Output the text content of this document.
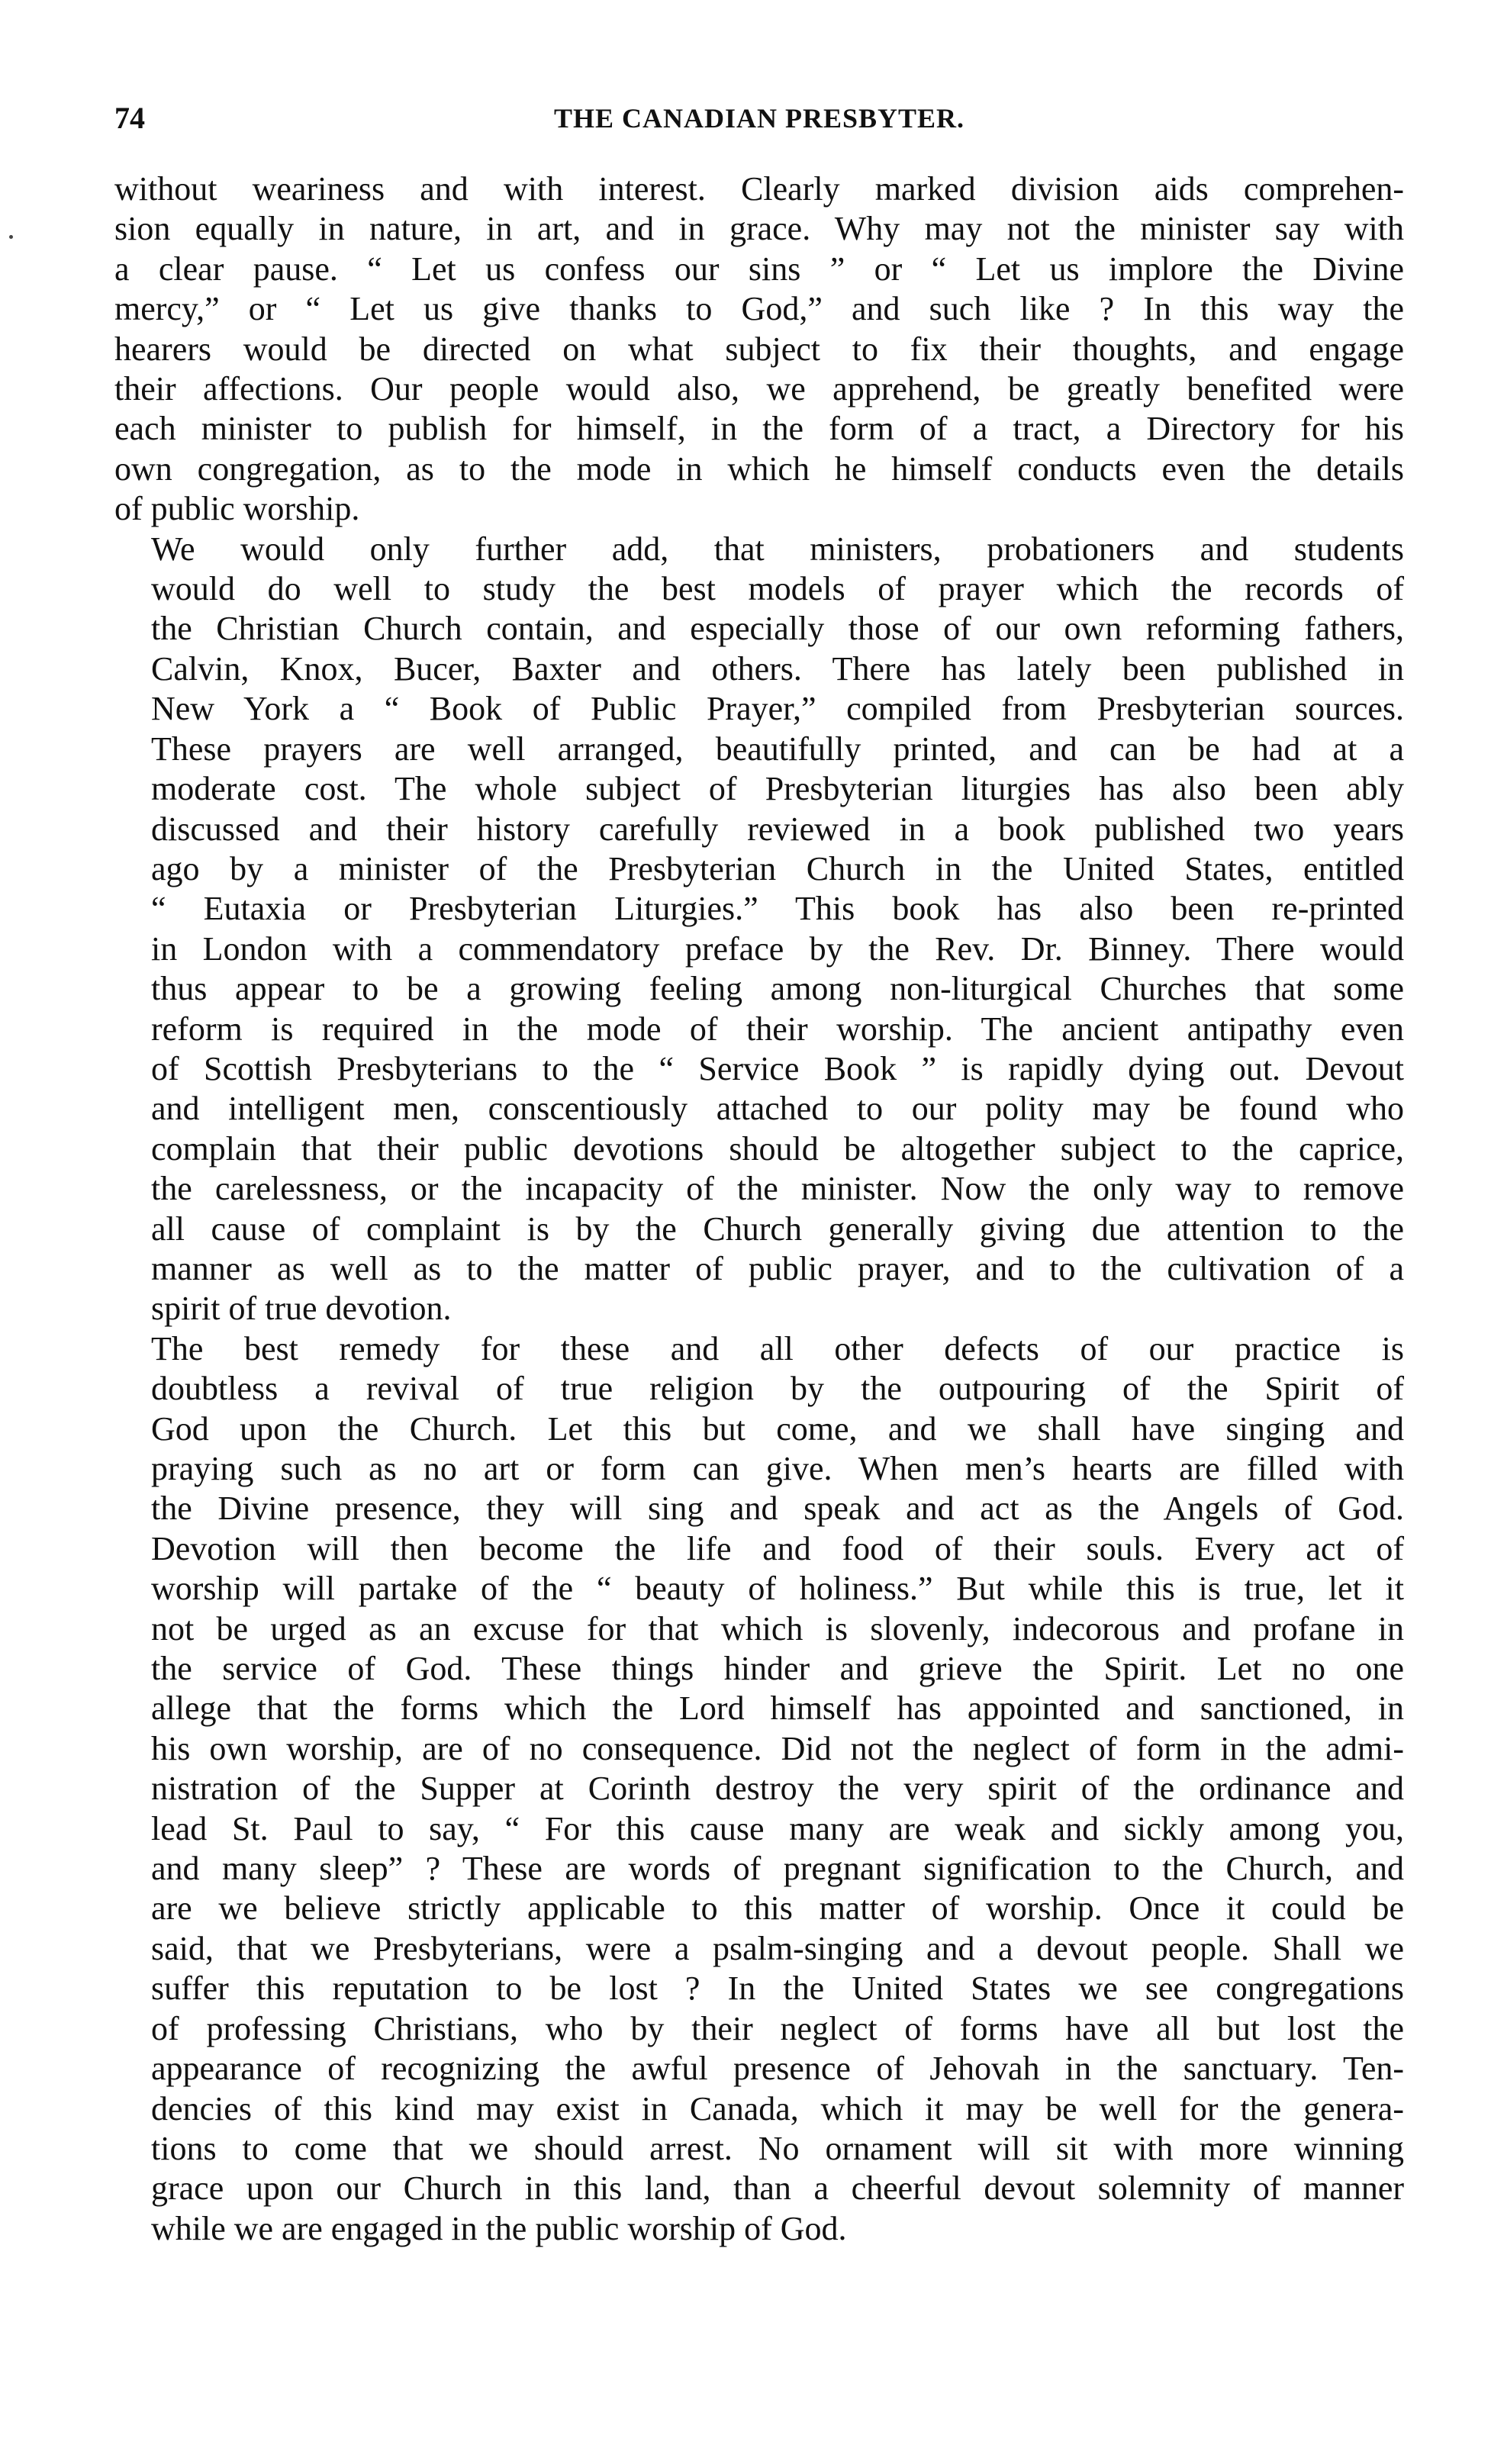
74	THE CANADIAN PRESBYTER.

without weariness and with interest. Clearly marked division aids comprehen-
sion equally in nature, in art, and in grace. Why may not the minister say with
a clear pause. “ Let us confess our sins ” or “ Let us implore the Divine
mercy,” or “ Let us give thanks to God,” and such like ? In this way the
hearers would be directed on what subject to fix their thoughts, and engage
their affections. Our people would also, we apprehend, be greatly benefited were
each minister to publish for himself, in the form of a tract, a Directory for his
own congregation, as to the mode in which he himself conducts even the details
of public worship.

We would only further add, that ministers, probationers and students
would do well to study the best models of prayer which the records of
the Christian Church contain, and especially those of our own reforming fathers,
Calvin, Knox, Bucer, Baxter and others. There has lately been published in
New York a “ Book of Public Prayer,” compiled from Presbyterian sources.
These prayers are well arranged, beautifully printed, and can be had at a
moderate cost. The whole subject of Presbyterian liturgies has also been ably
discussed and their history carefully reviewed in a book published two years
ago by a minister of the Presbyterian Church in the United States, entitled
“ Eutaxia or Presbyterian Liturgies.” This book has also been re-printed
in London with a commendatory preface by the Rev. Dr. Binney. There would
thus appear to be a growing feeling among non-liturgical Churches that some
reform is required in the mode of their worship. The ancient antipathy even
of Scottish Presbyterians to the “ Service Book ” is rapidly dying out. Devout
and intelligent men, conscentiously attached to our polity may be found who
complain that their public devotions should be altogether subject to the caprice,
the carelessness, or the incapacity of the minister. Now the only way to remove
all cause of complaint is by the Church generally giving due attention to the
manner as well as to the matter of public prayer, and to the cultivation of a
spirit of true devotion.

The best remedy for these and all other defects of our practice is
doubtless a revival of true religion by the outpouring of the Spirit of
God upon the Church. Let this but come, and we shall have singing and
praying such as no art or form can give. When men’s hearts are filled with
the Divine presence, they will sing and speak and act as the Angels of God.
Devotion will then become the life and food of their souls. Every act of
worship will partake of the “ beauty of holiness.” But while this is true, let it
not be urged as an excuse for that which is slovenly, indecorous and profane in
the service of God. These things hinder and grieve the Spirit. Let no one
allege that the forms which the Lord himself has appointed and sanctioned, in
his own worship, are of no consequence. Did not the neglect of form in the admi-
nistration of the Supper at Corinth destroy the very spirit of the ordinance and
lead St. Paul to say, “ For this cause many are weak and sickly among you,
and many sleep” ? These are words of pregnant signification to the Church, and
are we believe strictly applicable to this matter of worship. Once it could be
said, that we Presbyterians, were a psalm-singing and a devout people. Shall we
suffer this reputation to be lost ? In the United States we see congregations
of professing Christians, who by their neglect of forms have all but lost the
appearance of recognizing the awful presence of Jehovah in the sanctuary. Ten-
dencies of this kind may exist in Canada, which it may be well for the genera-
tions to come that we should arrest. No ornament will sit with more winning
grace upon our Church in this land, than a cheerful devout solemnity of manner
while we are engaged in the public worship of God.
